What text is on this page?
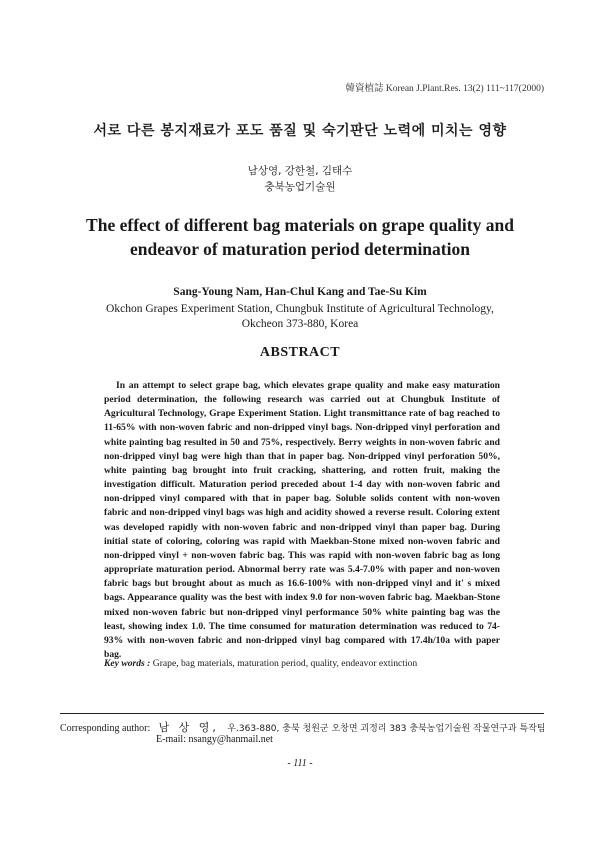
韓資植誌 Korean J.Plant.Res. 13(2) 111~117(2000)
서로 다른 봉지재료가 포도 품질 및 숙기판단 노력에 미치는 영향
남상영, 강한철, 김태수
충북농업기술원
The effect of different bag materials on grape quality and
endeavor of maturation period determination
Sang-Young Nam, Han-Chul Kang and Tae-Su Kim
Okchon Grapes Experiment Station, Chungbuk Institute of Agricultural Technology,
Okcheon 373-880, Korea
ABSTRACT

In an attempt to select grape bag, which elevates grape quality and make easy maturation period determination, the following research was carried out at Chungbuk Institute of Agricultural Technology, Grape Experiment Station. Light transmittance rate of bag reached to 11-65% with non-woven fabric and non-dripped vinyl bags. Non-dripped vinyl perforation and white painting bag resulted in 50 and 75%, respectively. Berry weights in non-woven fabric and non-dripped vinyl bag were high than that in paper bag. Non-dripped vinyl perforation 50%, white painting bag brought into fruit cracking, shattering, and rotten fruit, making the investigation difficult. Maturation period preceded about 1-4 day with non-woven fabric and non-dripped vinyl compared with that in paper bag. Soluble solids content with non-woven fabric and non-dripped vinyl bags was high and acidity showed a reverse result. Coloring extent was developed rapidly with non-woven fabric and non-dripped vinyl than paper bag. During initial state of coloring, coloring was rapid with Maekban-Stone mixed non-woven fabric and non-dripped vinyl + non-woven fabric bag. This was rapid with non-woven fabric bag as long appropriate maturation period. Abnormal berry rate was 5.4-7.0% with paper and non-woven fabric bags but brought about as much as 16.6-100% with non-dripped vinyl and it' s mixed bags. Appearance quality was the best with index 9.0 for non-woven fabric bag. Maekban-Stone mixed non-woven fabric but non-dripped vinyl performance 50% white painting bag was the least, showing index 1.0. The time consumed for maturation determination was reduced to 74-93% with non-woven fabric and non-dripped vinyl bag compared with 17.4h/10a with paper bag.

Key words : Grape, bag materials, maturation period, quality, endeavor extinction
Corresponding author: 남 상 영, 우.363-880, 충북 청원군 오창면 괴정리 383 충북농업기술원 작물연구과 특작팀
E-mail: nsangy@hanmail.net
- 111 -
